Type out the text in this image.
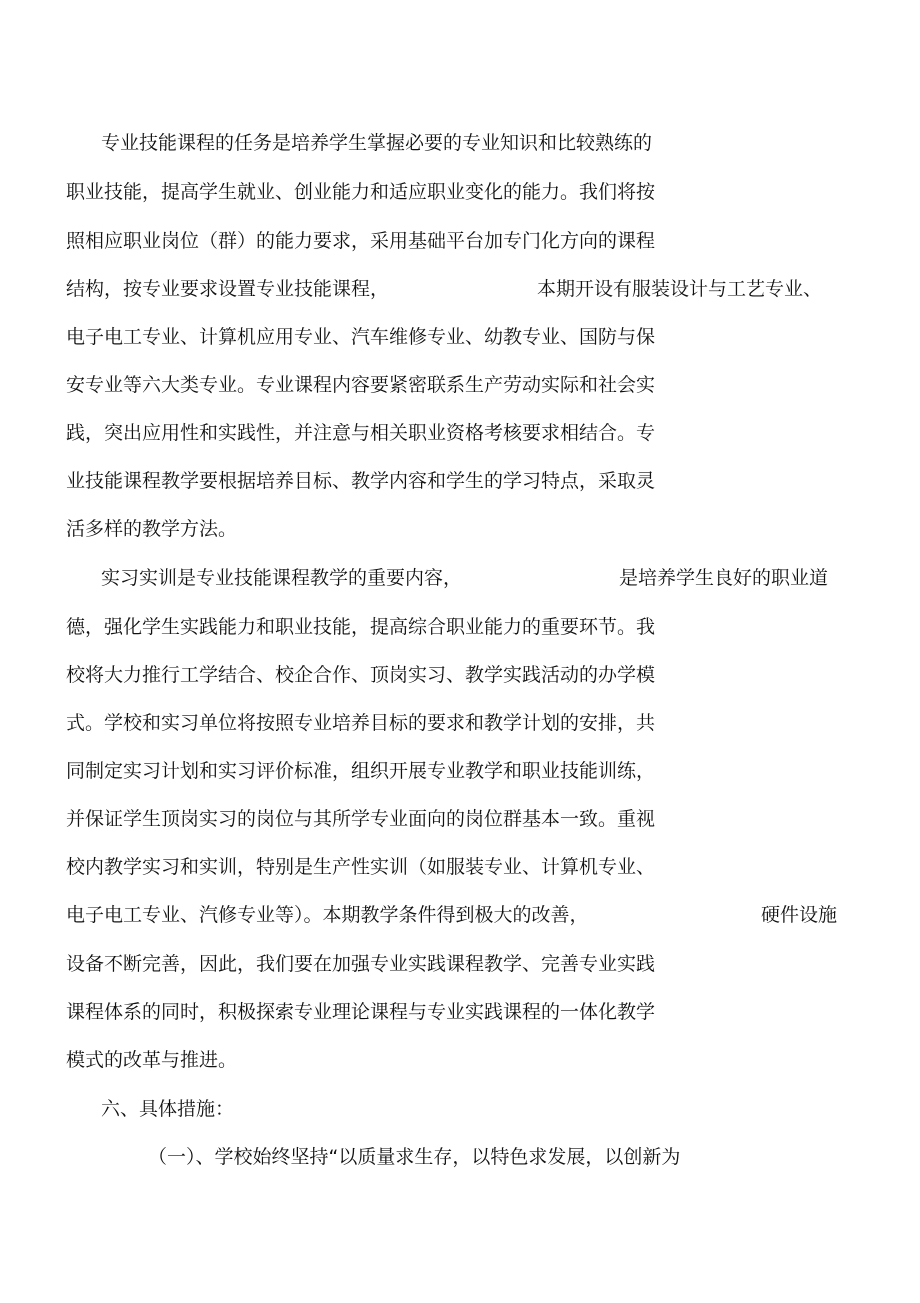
专业技能课程的任务是培养学生掌握必要的专业知识和比较熟练的
职业技能，提高学生就业、创业能力和适应职业变化的能力。我们将按
照相应职业岗位（群）的能力要求，采用基础平台加专门化方向的课程
结构，按专业要求设置专业技能课程，	本期开设有服装设计与工艺专业、
电子电工专业、计算机应用专业、汽车维修专业、幼教专业、国防与保
安专业等六大类专业。专业课程内容要紧密联系生产劳动实际和社会实
践，突出应用性和实践性，并注意与相关职业资格考核要求相结合。专
业技能课程教学要根据培养目标、教学内容和学生的学习特点，采取灵
活多样的教学方法。
实习实训是专业技能课程教学的重要内容，	是培养学生良好的职业道
德，强化学生实践能力和职业技能，提高综合职业能力的重要环节。我
校将大力推行工学结合、校企合作、顶岗实习、教学实践活动的办学模
式。学校和实习单位将按照专业培养目标的要求和教学计划的安排，共
同制定实习计划和实习评价标准，组织开展专业教学和职业技能训练，
并保证学生顶岗实习的岗位与其所学专业面向的岗位群基本一致。重视
校内教学实习和实训，特别是生产性实训（如服装专业、计算机专业、
电子电工专业、汽修专业等）。本期教学条件得到极大的改善，	硬件设施
设备不断完善，因此，我们要在加强专业实践课程教学、完善专业实践
课程体系的同时，积极探索专业理论课程与专业实践课程的一体化教学
模式的改革与推进。
六、具体措施：
（一）、学校始终坚持“以质量求生存，以特色求发展，以创新为
